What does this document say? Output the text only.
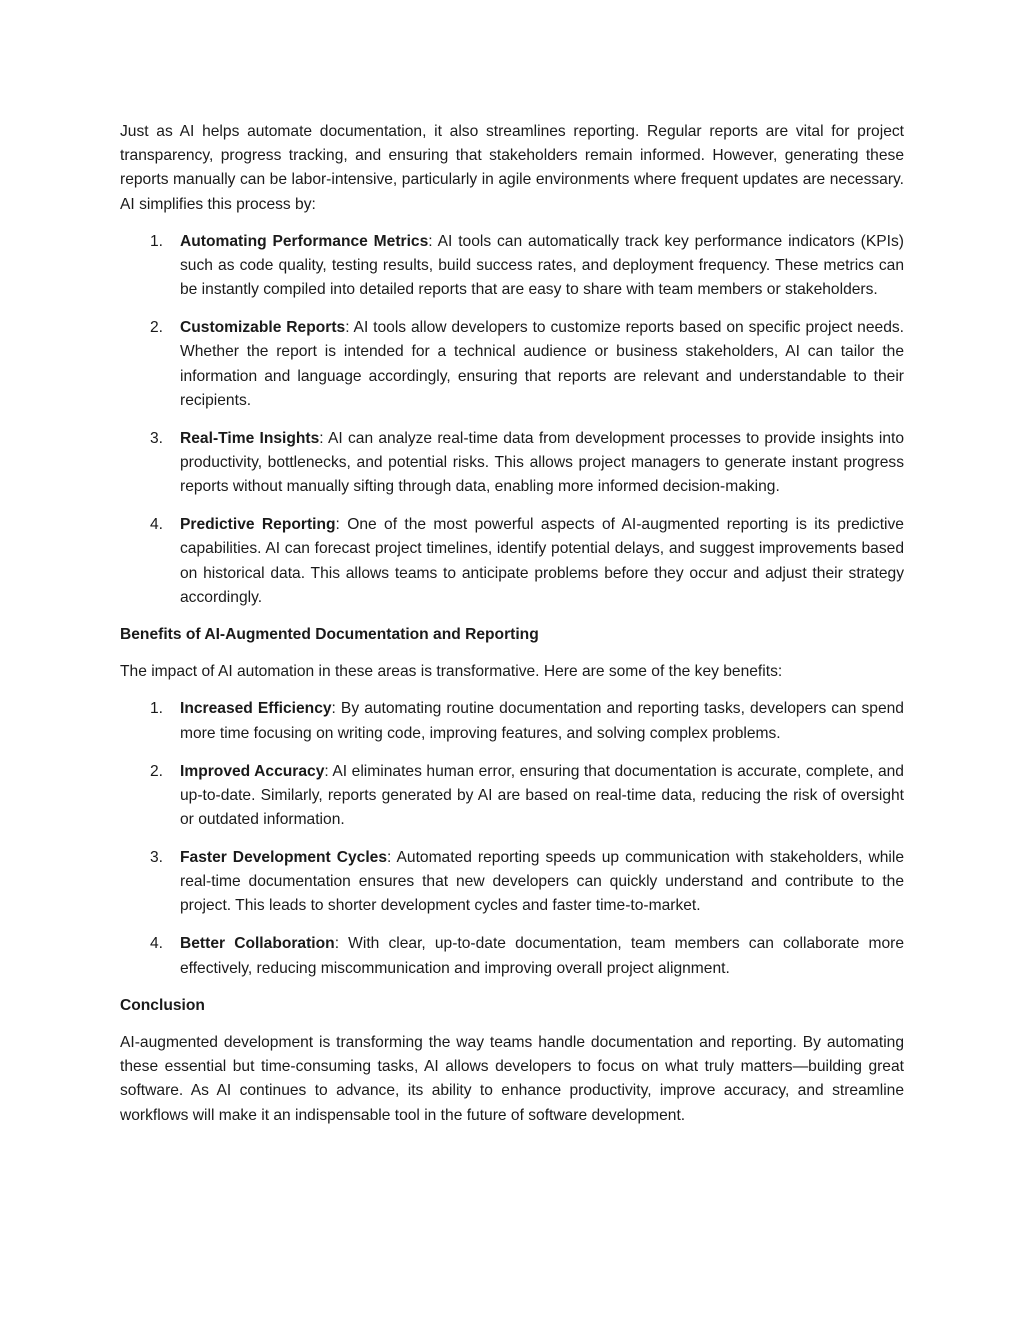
Just as AI helps automate documentation, it also streamlines reporting. Regular reports are vital for project transparency, progress tracking, and ensuring that stakeholders remain informed. However, generating these reports manually can be labor-intensive, particularly in agile environments where frequent updates are necessary. AI simplifies this process by:

1. Automating Performance Metrics: AI tools can automatically track key performance indicators (KPIs) such as code quality, testing results, build success rates, and deployment frequency. These metrics can be instantly compiled into detailed reports that are easy to share with team members or stakeholders.
2. Customizable Reports: AI tools allow developers to customize reports based on specific project needs. Whether the report is intended for a technical audience or business stakeholders, AI can tailor the information and language accordingly, ensuring that reports are relevant and understandable to their recipients.
3. Real-Time Insights: AI can analyze real-time data from development processes to provide insights into productivity, bottlenecks, and potential risks. This allows project managers to generate instant progress reports without manually sifting through data, enabling more informed decision-making.
4. Predictive Reporting: One of the most powerful aspects of AI-augmented reporting is its predictive capabilities. AI can forecast project timelines, identify potential delays, and suggest improvements based on historical data. This allows teams to anticipate problems before they occur and adjust their strategy accordingly.
Benefits of AI-Augmented Documentation and Reporting

The impact of AI automation in these areas is transformative. Here are some of the key benefits:

1. Increased Efficiency: By automating routine documentation and reporting tasks, developers can spend more time focusing on writing code, improving features, and solving complex problems.
2. Improved Accuracy: AI eliminates human error, ensuring that documentation is accurate, complete, and up-to-date. Similarly, reports generated by AI are based on real-time data, reducing the risk of oversight or outdated information.
3. Faster Development Cycles: Automated reporting speeds up communication with stakeholders, while real-time documentation ensures that new developers can quickly understand and contribute to the project. This leads to shorter development cycles and faster time-to-market.
4. Better Collaboration: With clear, up-to-date documentation, team members can collaborate more effectively, reducing miscommunication and improving overall project alignment.
Conclusion

AI-augmented development is transforming the way teams handle documentation and reporting. By automating these essential but time-consuming tasks, AI allows developers to focus on what truly matters—building great software. As AI continues to advance, its ability to enhance productivity, improve accuracy, and streamline workflows will make it an indispensable tool in the future of software development.
